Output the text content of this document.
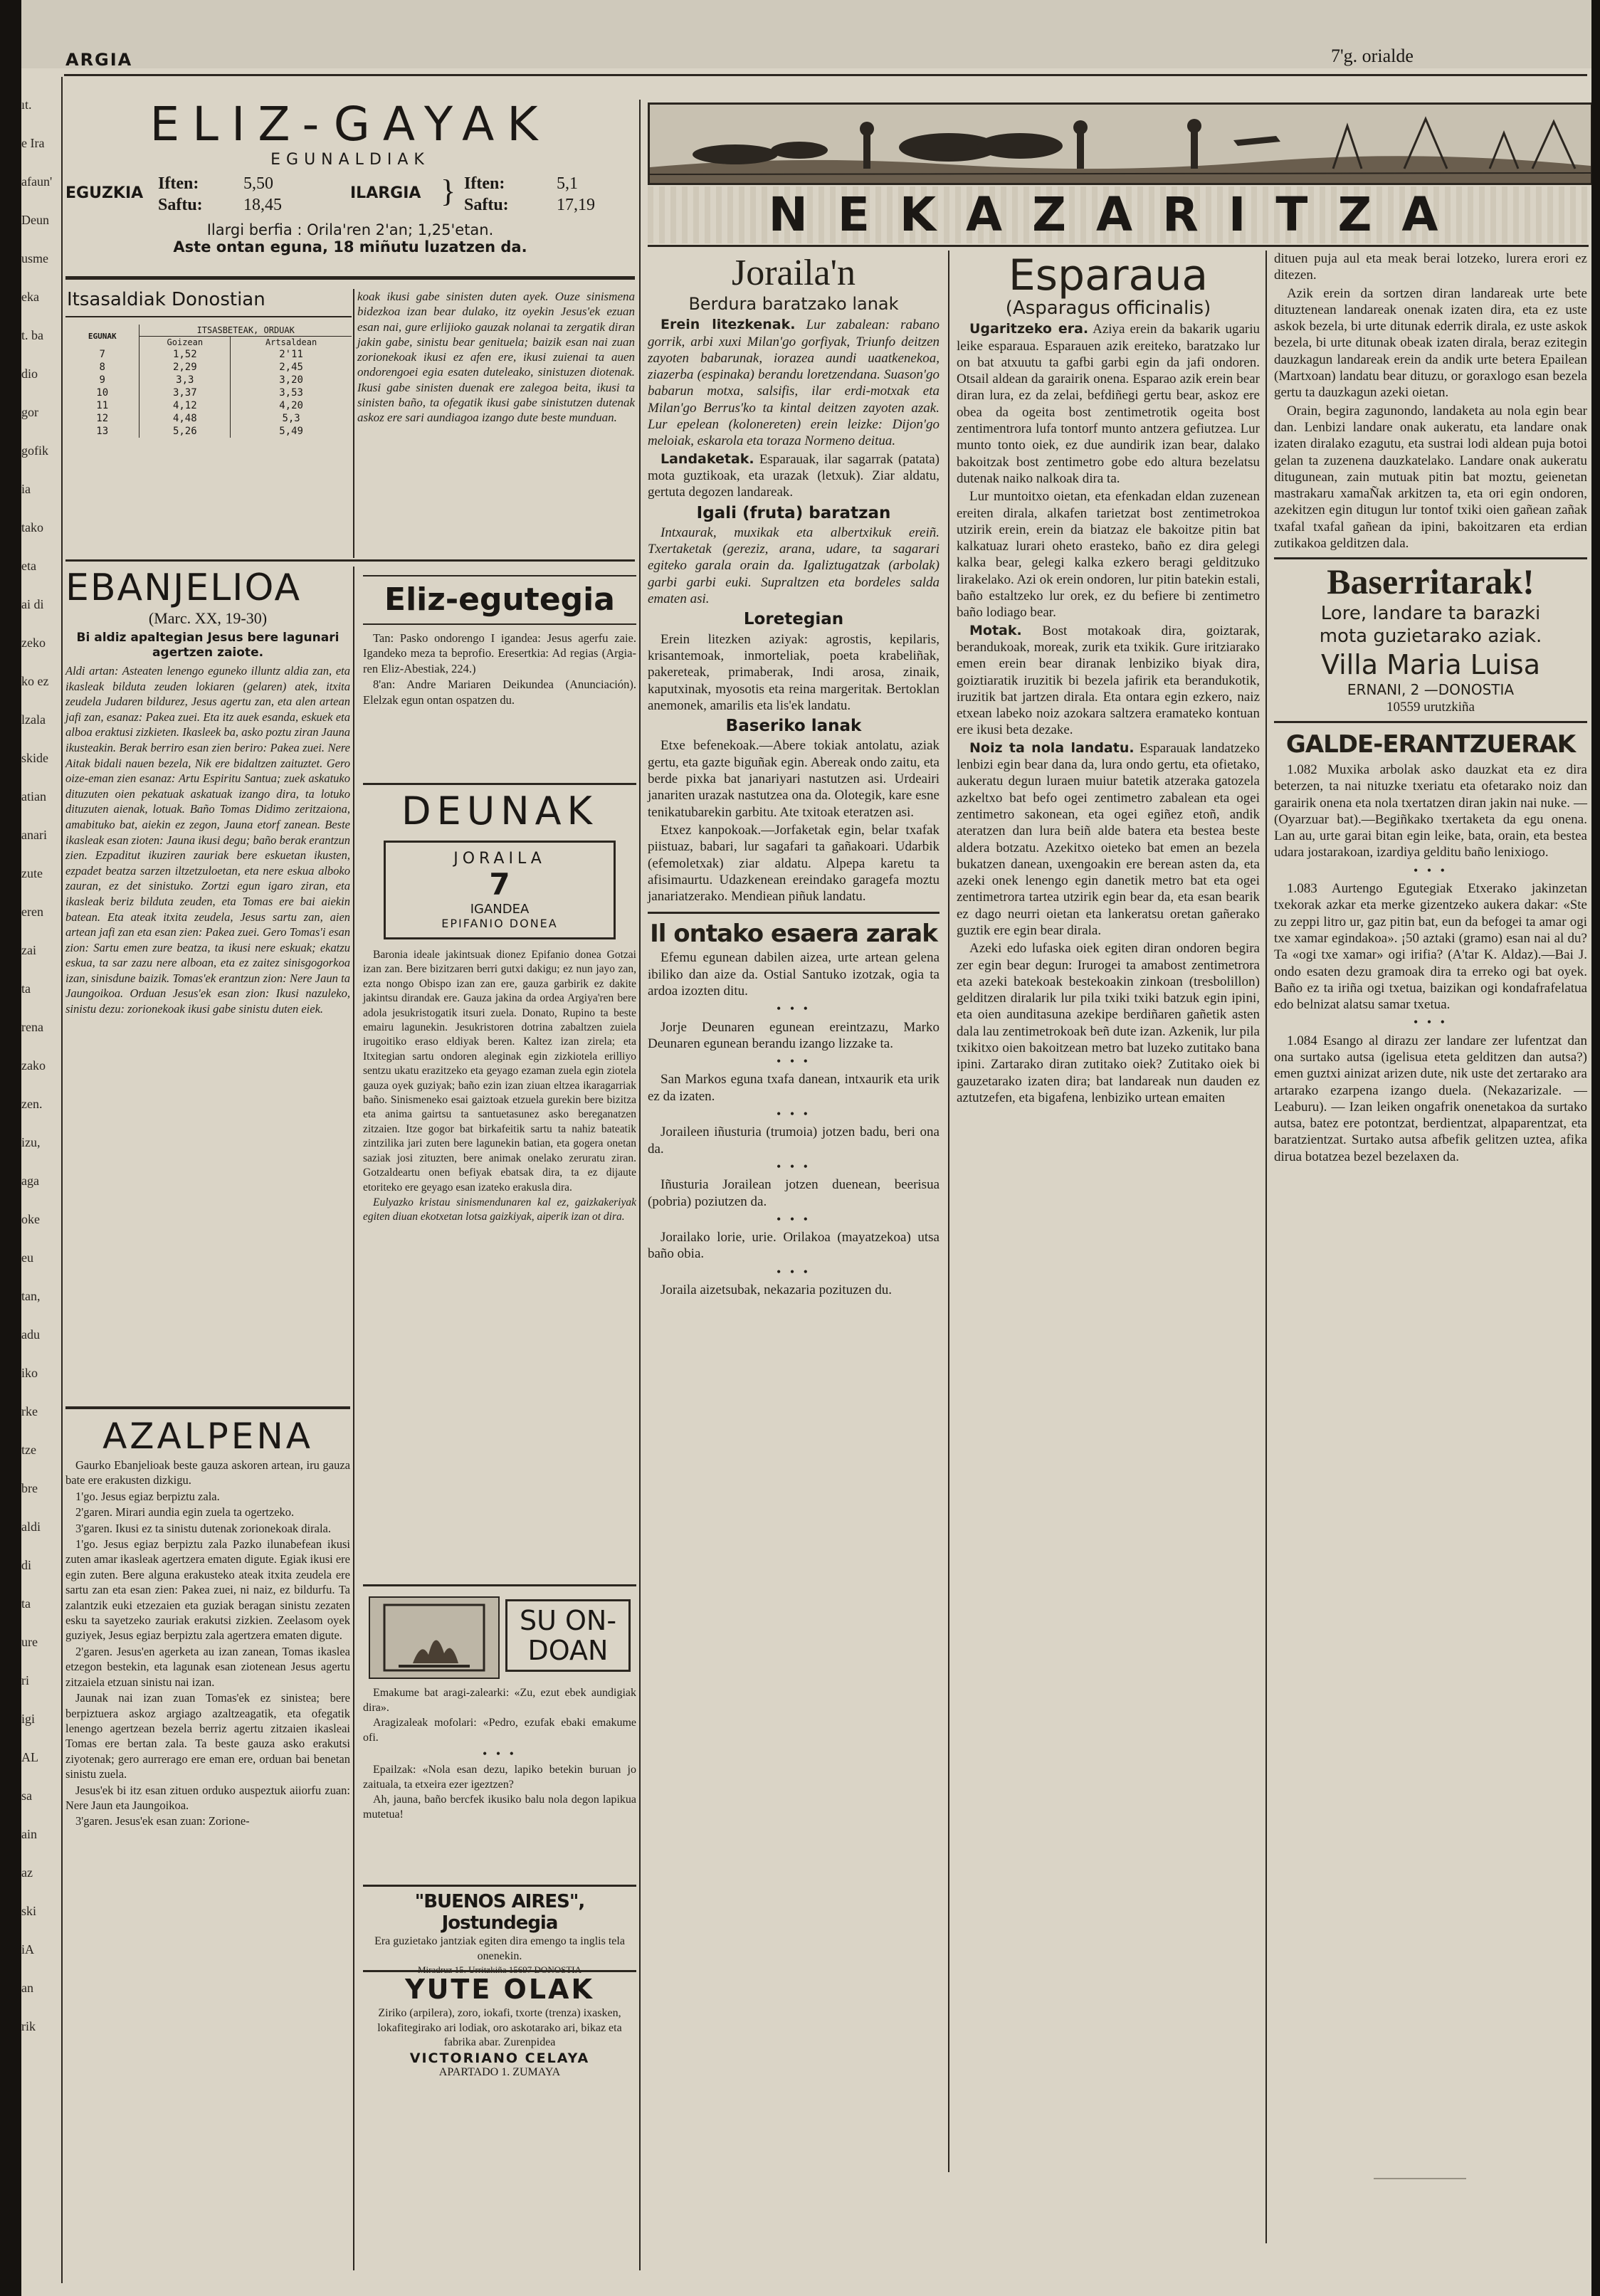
ARGIA	7'g. orialde
ıt.
e Ira
afaun'
Deun
usme
eka
t. ba
dio
gor
gofik
ia
tako
eta
ai di
zeko
ko ez
lzala
skide
atian
anari
zute
eren
zai
ta
rena
zako
zen.
izu,
aga
oke
eu
tan,
adu
iko
rke
tze
bre
aldi
di
ta
ure
ri
igi
AL
sa
ain
az
ski
iA
an
rik
ELIZ-GAYAK
EGUNALDIAK
EGUZKIA
Iften:	5,50
Saftu: 18,45
ILARGIA } Iften:	5,1
Saftu:	17,19
Ilargi berfia : Orila'ren 2'an; 1,25'etan.
Aste ontan eguna, 18 miñutu luzatzen da.
Itsasaldiak Donostian
EGUNAK	ITSASBETEAK, ORDUAK	
	Goizean	Artsaldean
7	1,52	2'11
8	2,29	2,45
9	3,3	3,20
10	3,37	3,53
11	4,12	4,20
12	4,48	5,3
13	5,26	5,49

koak ikusi gabe sinisten duten ayek. Ouze sinismena bidezkoa izan bear dulako, itz oyekin Jesus'ek ezuan esan nai, gure erlijioko gauzak nolanai ta zergatik diran jakin gabe, sinistu bear genituela; baizik esan nai zuan zorionekoak ikusi ez afen ere, ikusi zuienai ta auen ondorengoei egia esaten duteleako, sinistuzen diotenak. Ikusi gabe sinisten duenak ere zalegoa beita, ikusi ta sinisten baño, ta ofegatik ikusi gabe sinistutzen dutenak askoz ere sari aundiagoa izango dute beste munduan.

EBANJELIOA
(Marc. XX, 19-30)
Bi aldiz apaltegian Jesus bere lagunari agertzen zaiote.
Aldi artan: Asteaten lenengo eguneko illuntz aldia zan, eta ikasleak bilduta zeuden lokiaren (gelaren) atek, itxita zeudela Judaren bildurez, Jesus agertu zan, eta alen artean jafi zan, esanaz: Pakea zuei. Eta itz auek esanda, eskuek eta alboa eraktusi zizkieten. Ikasleek ba, asko poztu ziran Jauna ikusteakin. Berak berriro esan zien beriro: Pakea zuei. Nere Aitak bidali nauen bezela, Nik ere bidaltzen zaituztet. Gero oize-eman zien esanaz: Artu Espiritu Santua; zuek askatuko dituzuten oien pekatuak askatuak izango dira, ta lotuko dituzuten aienak, lotuak. Baño Tomas Didimo zeritzaiona, amabituko bat, aiekin ez zegon, Jauna etorf zanean. Beste ikasleak esan zioten: Jauna ikusi degu; baño berak erantzun zien. Ezpaditut ikuziren zauriak bere eskuetan ikusten, ezpadet beatza sarzen iltzetzuloetan, eta nere eskua alboko zauran, ez det sinistuko. Zortzi egun igaro ziran, eta ikasleak beriz bilduta zeuden, eta Tomas ere bai aiekin batean. Eta ateak itxita zeudela, Jesus sartu zan, aien artean jafi zan eta esan zien: Pakea zuei. Gero Tomas'i esan zion: Sartu emen zure beatza, ta ikusi nere eskuak; ekatzu eskua, ta sar zazu nere alboan, eta ez zaitez sinisgogorkoa izan, sinisdune baizik. Tomas'ek erantzun zion: Nere Jaun ta Jaungoikoa. Orduan Jesus'ek esan zion: Ikusi nazuleko, sinistu dezu: zorionekoak ikusi gabe sinistu duten eiek.
AZALPENA

Gaurko Ebanjelioak beste gauza askoren artean, iru gauza bate ere erakusten dizkigu.

1'go. Jesus egiaz berpiztu zala.

2'garen. Mirari aundia egin zuela ta ogertzeko.

3'garen. Ikusi ez ta sinistu dutenak zorionekoak dirala.

1'go. Jesus egiaz berpiztu zala Pazko ilunabefean ikusi zuten amar ikasleak agertzera ematen digute. Egiak ikusi ere egin zuten. Bere alguna erakusteko ateak itxita zeudela ere sartu zan eta esan zien: Pakea zuei, ni naiz, ez bildurfu. Ta zalantzik euki etzezaien eta guziak beragan sinistu zezaten esku ta sayetzeko zauriak erakutsi zizkien. Zeelasom oyek guziyek, Jesus egiaz berpiztu zala agertzera ematen digute.

2'garen. Jesus'en agerketa au izan zanean, Tomas ikaslea etzegon bestekin, eta lagunak esan ziotenean Jesus agertu zitzaiela etzuan sinistu nai izan.

Jaunak nai izan zuan Tomas'ek ez sinistea; bere berpiztuera askoz argiago azaltzeagatik, eta ofegatik lenengo agertzean bezela berriz agertu zitzaien ikasleai Tomas ere bertan zala. Ta beste gauza asko erakutsi ziyotenak; gero aurrerago ere eman ere, orduan bai benetan sinistu zuela.

Jesus'ek bi itz esan zituen orduko auspeztuk aiiorfu zuan: Nere Jaun eta Jaungoikoa.

3'garen. Jesus'ek esan zuan: Zorione-

Eliz-egutegia

Tan: Pasko ondorengo I igandea: Jesus agerfu zaie. Igandeko meza ta beprofio. Eresertkia: Ad regias (Argia-ren Eliz-Abestiak, 224.)

8'an: Andre Mariaren Deikundea (Anunciación). Elelzak egun ontan ospatzen du.

DEUNAK
JORAILA
7
IGANDEA
EPIFANIO DONEA

Baronia ideale jakintsuak dionez Epifanio donea Gotzai izan zan. Bere bizitzaren berri gutxi dakigu; ez nun jayo zan, ezta nongo Obispo izan zan ere, gauza garbirik ez dakite jakintsu dirandak ere. Gauza jakina da ordea Argiya'ren bere adola jesukristogatik itsuri zuela. Donato, Rupino ta beste emairu lagunekin. Jesukristoren dotrina zabaltzen zuiela irugoitiko eraso eldiyak beren. Kaltez izan zirela; eta Itxitegian sartu ondoren aleginak egin zizkiotela erilliyo sentzu ukatu erazitzeko eta geyago ezaman zuela egin ziotela gauza oyek guziyak; baño ezin izan ziuan eltzea ikaragarriak baño. Sinismeneko esai gaiztoak etzuela gurekin bere bizitza eta anima gairtsu ta santuetasunez asko bereganatzen zitzaien. Itze gogor bat birkafeitik sartu ta nahiz bateatik zintzilika jari zuten bere lagunekin batian, eta gogera onetan saziak josi zituzten, bere animak onelako zeruratu ziran. Gotzaldeartu onen befiyak ebatsak dira, ta ez dijaute etoriteko ere geyago esan izateko erakusla dira.

Eulyazko kristau sinismendunaren kal ez, gaizkakeriyak egiten diuan ekotxetan lotsa gaizkiyak, aiperik izan ot dira.

SU ON-
DOAN

Emakume bat aragi-zalearki: «Zu, ezut ebek aundigiak dira».

Aragizaleak mofolari: «Pedro, ezufak ebaki emakume ofi.

• • •

Epailzak: «Nola esan dezu, lapiko betekin buruan jo zaituala, ta etxeira ezer igeztzen?

Ah, jauna, baño bercfek ikusiko balu nola degon lapikua mutetua!

"BUENOS AIRES", Jostundegia
Era guzietako jantziak egiten dira emengo ta inglis tela onenekin.
Miradruz 15. Urritzkiña 15697 DONOSTIA
YUTE OLAK
Ziriko (arpilera), zoro, iokafi, txorte (trenza) ixasken, lokafitegirako ari lodiak, oro askotarako ari, bikaz eta fabrika abar. Zurenpidea
VICTORIANO CELAYA
APARTADO 1. ZUMAYA
NEKAZARITZA
Joraila'n
Berdura baratzako lanak

Erein litezkenak. Lur zabalean: rabano gorrik, arbi xuxi Milan'go gorfiyak, Triunfo deitzen zayoten babarunak, iorazea aundi uaatkenekoa, ziazerba (espinaka) berandu loretzendana. Suason'go babarun motxa, salsifis, ilar erdi-motxak eta Milan'go Berrus'ko ta kintal deitzen zayoten azak. Lur epelean (kolonereten) erein leizke: Dijon'go meloiak, eskarola eta toraza Normeno deitua.

Landaketak. Esparauak, ilar sagarrak (patata) mota guztikoak, eta urazak (letxuk). Ziar aldatu, gertuta degozen landareak.

Igali (fruta) baratzan

Intxaurak, muxikak eta albertxikuk ereiñ. Txertaketak (gereziz, arana, udare, ta sagarari egiteko garala orain da. Igaliztugatzak (arbolak) garbi garbi euki. Supraltzen eta bordeles salda ematen asi.

Loretegian

Erein litezken aziyak: agrostis, kepilaris, krisantemoak, inmorteliak, poeta krabeliñak, pakereteak, primaberak, Indi arosa, zinaik, kaputxinak, myosotis eta reina margeritak. Bertoklan anemonek, amarilis eta lis'ek landatu.

Baseriko lanak

Etxe befenekoak.—Abere tokiak antolatu, aziak gertu, eta gazte biguñak egin. Abereak ondo zaitu, eta berde pixka bat janariyari nastutzen asi. Urdeairi janariten urazak nastutzea ona da. Olotegik, kare esne tenikatubarekin garbitu. Ate txitoak eteratzen asi.

Etxez kanpokoak.—Jorfaketak egin, belar txafak piistuaz, babari, lur sagafari ta gañakoari. Udarbik (efemoletxak) ziar aldatu. Alpepa karetu ta afisimaurtu. Udazkenean ereindako garagefa moztu janariatzerako. Mendiean piñuk landatu.

Il ontako esaera zarak

Efemu egunean dabilen aizea, urte artean gelena ibiliko dan aize da. Ostial Santuko izotzak, ogia ta ardoa izozten ditu.

• • •

Jorje Deunaren egunean ereintzazu, Marko Deunaren egunean berandu izango lizzake ta.

• • •

San Markos eguna txafa danean, intxaurik eta urik ez da izaten.

• • •

Joraileen iñusturia (trumoia) jotzen badu, beri ona da.

• • •

Iñusturia Jorailean jotzen duenean, beerisua (pobria) poziutzen da.

• • •

Jorailako lorie, urie. Orilakoa (mayatzekoa) utsa baño obia.

• • •

Joraila aizetsubak, nekazaria pozituzen du.

Esparaua
(Asparagus officinalis)

Ugaritzeko era. Aziya erein da bakarik ugariu leike esparaua. Esparauen azik ereiteko, baratzako lur on bat atxuutu ta gafbi garbi egin da jafi ondoren. Otsail aldean da garairik onena. Esparao azik erein bear diran lura, ez da zelai, befdiñegi gertu bear, askoz ere obea da ogeita bost zentimetrotik ogeita bost zentimentrora lufa tontorf munto antzera gefiutzea. Lur munto tonto oiek, ez due aundirik izan bear, dalako bakoitzak bost zentimetro gobe edo altura bezelatsu dutenak naiko nalkoak dira ta.

Lur muntoitxo oietan, eta efenkadan eldan zuzenean ereiten dirala, alkafen tarietzat bost zentimetrokoa utzirik erein, erein da biatzaz ele bakoitze pitin bat kalkatuaz lurari oheto erasteko, baño ez dira gelegi kalka bear, gelegi kalka ezkero beragi gelditzuko lirakelako. Azi ok erein ondoren, lur pitin batekin estali, baño estaltzeko lur orek, ez du befiere bi zentimetro baño lodiago bear.

Motak. Bost motakoak dira, goiztarak, berandukoak, moreak, zurik eta txikik. Gure iritziarako emen erein bear diranak lenbiziko biyak dira, goiztiaratik iruzitik bi bezela jafirik eta berandukotik, iruzitik bat jartzen dirala. Eta ontara egin ezkero, naiz etxean labeko noiz azokara saltzera eramateko kontuan ere ikusi beta dezake.

Noiz ta nola landatu. Esparauak landatzeko lenbizi egin bear dana da, lura ondo gertu, eta ofietako, aukeratu degun luraen muiur batetik atzeraka gatozela azkeltxo bat befo ogei zentimetro zabalean eta ogei zentimetro sakonean, eta ogei egiñez etoñ, andik ateratzen dan lura beiñ alde batera eta bestea beste aldera botzatu. Azekitxo oieteko bat emen an bezela bukatzen danean, uxengoakin ere berean asten da, eta azeki onek lenengo egin danetik metro bat eta ogei zentimetrora tartea utzirik egin bear da, eta esan bearik ez dago neurri oietan eta lankeratsu oretan gañerako guztik ere egin bear dirala.

Azeki edo lufaska oiek egiten diran ondoren begira zer egin bear degun: Irurogei ta amabost zentimetrora eta azeki batekoak bestekoakin zinkoan (tresbolillon) gelditzen diralarik lur pila txiki txiki batzuk egin ipini, eta oien aunditasuna azekipe berdiñaren gañetik asten dala lau zentimetrokoak beñ dute izan. Azkenik, lur pila txikitxo oien bakoitzean metro bat luzeko zutitako bana ipini. Zartarako diran zutitako oiek? Zutitako oiek bi gauzetarako izaten dira; bat landareak nun dauden ez aztutzefen, eta bigafena, lenbiziko urtean emaiten

dituen puja aul eta meak berai lotzeko, lurera erori ez ditezen.

Azik erein da sortzen diran landareak urte bete dituztenean landareak onenak izaten dira, eta ez uste askok bezela, bi urte ditunak ederrik dirala, ez uste askok bezela, bi urte ditunak obeak izaten dirala, beraz ezitegin dauzkagun landareak erein da andik urte betera Epailean (Martxoan) landatu bear dituzu, or goraxlogo esan bezela gertu ta dauzkagun azeki oietan.

Orain, begira zagunondo, landaketa au nola egin bear dan. Lenbizi landare onak aukeratu, eta landare onak izaten diralako ezagutu, eta sustrai lodi aldean puja botoi gelan ta zuzenena dauzkatelako. Landare onak aukeratu ditugunean, zain mutuak pitin bat moztu, geienetan mastrakaru xamaÑak arkitzen ta, eta ori egin ondoren, azekitzen egin ditugun lur tontof txiki oien gañean zañak txafal txafal gañean da ipini, bakoitzaren eta erdian zutikakoa gelditzen dala.

Baserritarak!
Lore, landare ta barazki
mota guzietarako aziak.
Villa Maria Luisa
ERNANI, 2 —DONOSTIA
10559 urutzkiña
GALDE-ERANTZUERAK

1.082 Muxika arbolak asko dauzkat eta ez dira beterzen, ta nai nituzke txeriatu eta ofetarako noiz dan garairik onena eta nola txertatzen diran jakin nai nuke. — (Oyarzuar bat).—Begiñkako txertaketa da egu onena. Lan au, urte garai bitan egin leike, bata, orain, eta bestea udara jostarakoan, izardiya gelditu baño lenixiogo.

• • •

1.083 Aurtengo Egutegiak Etxerako jakinzetan txekorak azkar eta merke gizentzeko aukera dakar: «Ste zu zeppi litro ur, gaz pitin bat, eun da befogei ta amar ogi txe xamar egindakoa». ¡50 aztaki (gramo) esan nai al du? Ta «ogi txe xamar» ogi irifia? (A'tar K. Aldaz).—Bai J. ondo esaten dezu gramoak dira ta erreko ogi bat oyek. Baño ez ta iriña ogi txetua, baizikan ogi kondafrafelatua edo belnizat alatsu samar txetua.

• • •

1.084 Esango al dirazu zer landare zer lufentzat dan ona surtako autsa (igelisua eteta gelditzen dan autsa?) emen guztxi ainizat arizen dute, nik uste det zertarako ara artarako ezarpena izango duela. (Nekazarizale. — Leaburu). — Izan leiken ongafrik onenetakoa da surtako autsa, batez ere potontzat, berdientzat, alpaparentzat, eta baratzientzat. Surtako autsa afbefik gelitzen uztea, afika dirua botatzea bezel bezelaxen da.
